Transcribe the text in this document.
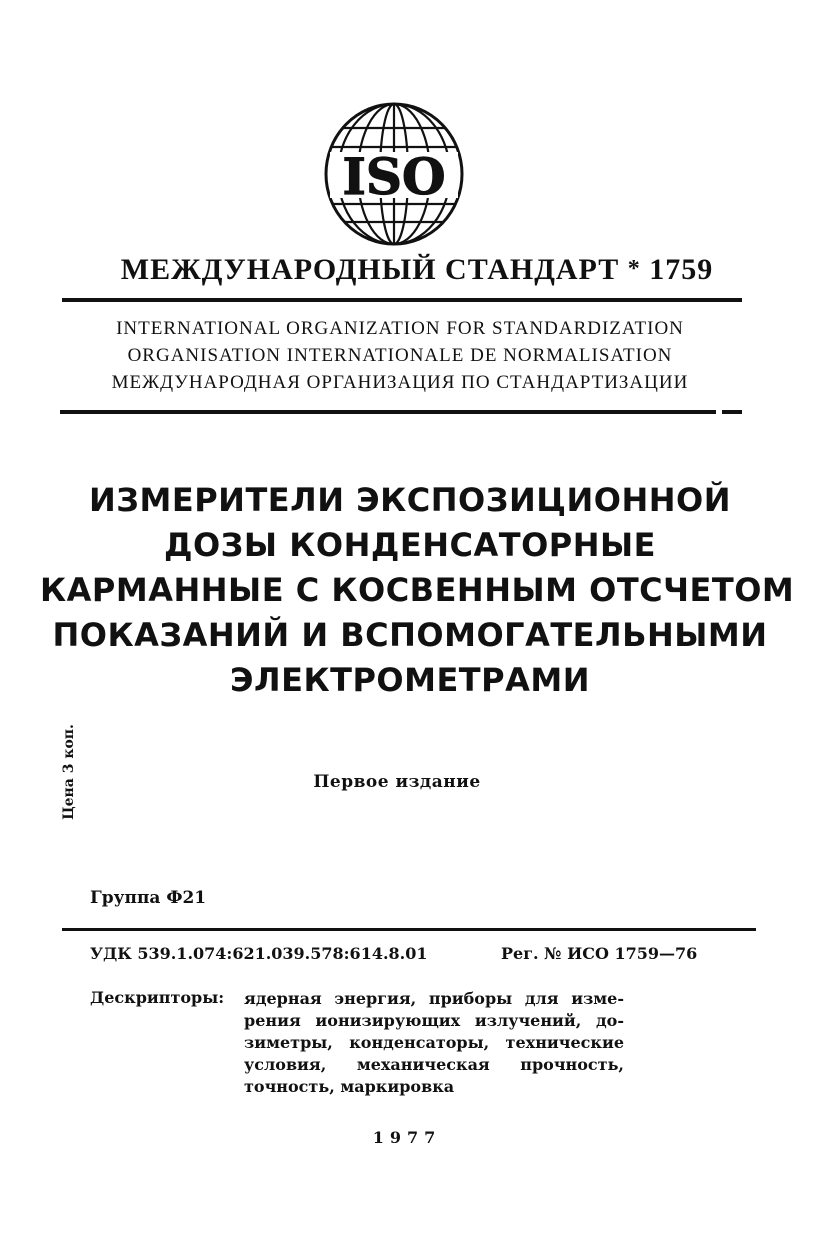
ISO
МЕЖДУНАРОДНЫЙ СТАНДАРТ * 1759
INTERNATIONAL ORGANIZATION FOR STANDARDIZATION
ORGANISATION INTERNATIONALE DE NORMALISATION
МЕЖДУНАРОДНАЯ ОРГАНИЗАЦИЯ ПО СТАНДАРТИЗАЦИИ
ИЗМЕРИТЕЛИ ЭКСПОЗИЦИОННОЙ
ДОЗЫ КОНДЕНСАТОРНЫЕ
КАРМАННЫЕ С КОСВЕННЫМ ОТСЧЕТОМ
ПОКАЗАНИЙ И ВСПОМОГАТЕЛЬНЫМИ
ЭЛЕКТРОМЕТРАМИ
Цена 3 коп.	Первое издание
Группа Ф21
УДК 539.1.074:621.039.578:614.8.01	Рег. № ИСО 1759—76
Дескрипторы: ядерная энергия, приборы для изме-
рения ионизирующих излучений, до-
зиметры, конденсаторы, технические
условия, механическая прочность,
точность, маркировка
1977
